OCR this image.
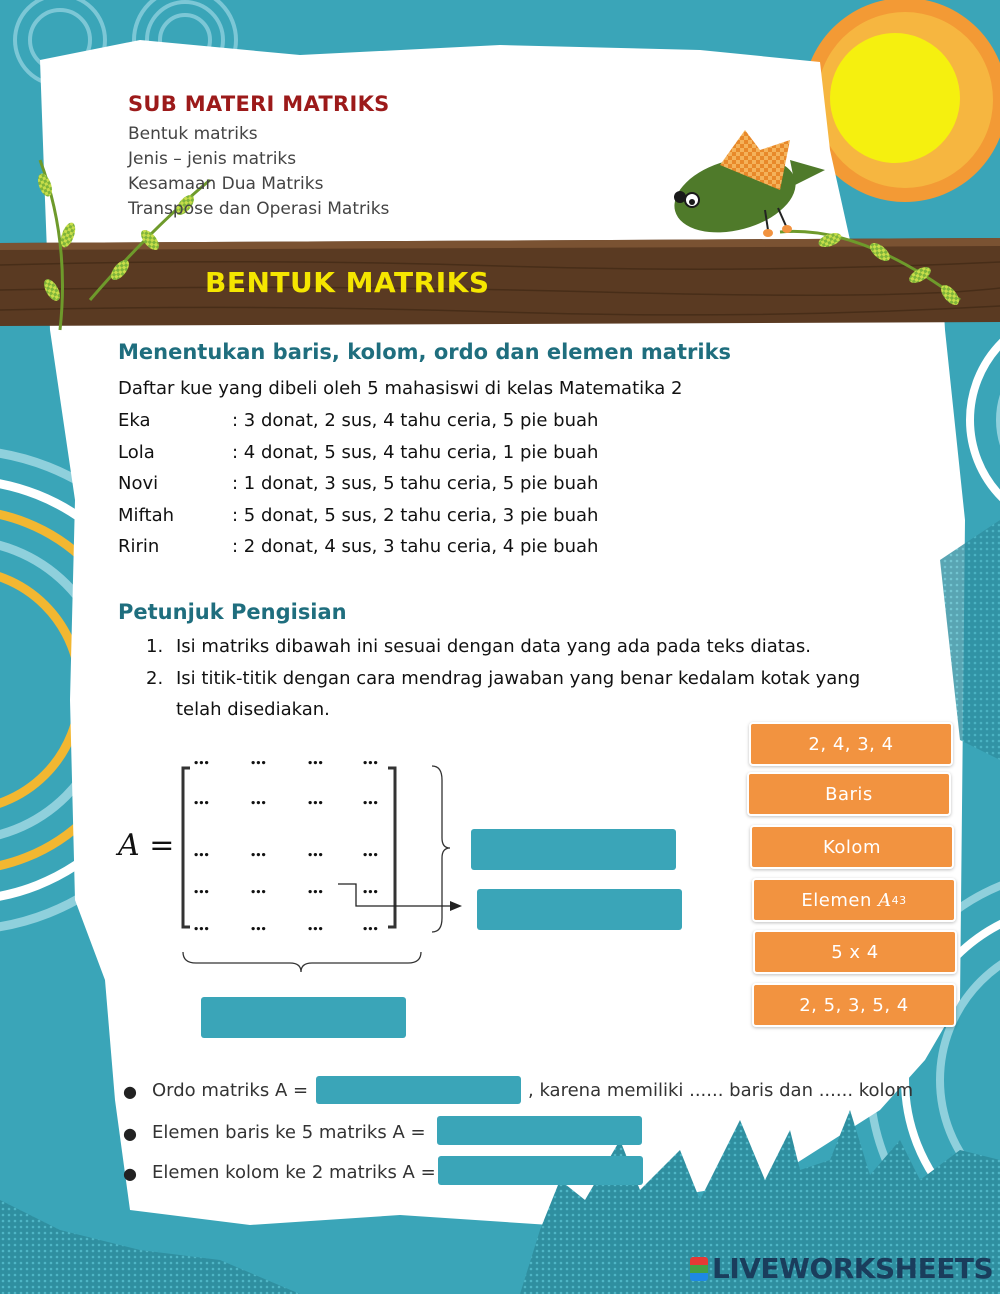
SUB MATERI MATRIKS
Bentuk matriks
Jenis – jenis matriks
Kesamaan Dua Matriks
Transpose dan Operasi Matriks
BENTUK MATRIKS
Menentukan baris, kolom, ordo dan elemen matriks
Daftar kue yang dibeli oleh 5 mahasiswi di kelas Matematika 2
Eka	: 3 donat, 2 sus, 4 tahu ceria, 5 pie buah
Lola	: 4 donat, 5 sus, 4 tahu ceria, 1 pie buah
Novi	: 1 donat, 3 sus, 5 tahu ceria, 5 pie buah
Miftah	: 5 donat, 5 sus, 2 tahu ceria, 3 pie buah
Ririn	: 2 donat, 4 sus, 3 tahu ceria, 4 pie buah
Petunjuk Pengisian
1. Isi matriks dibawah ini sesuai dengan data yang ada pada teks diatas.
2. Isi titik-titik dengan cara mendrag jawaban yang benar kedalam kotak yang
telah disediakan.
A =
... ... ... ...
... ... ... ...
... ... ... ...
... ... ... ...
... ... ... ...
2, 4, 3, 4
Baris
Kolom
Elemen
A 43
5 x 4
2, 5, 3, 5, 4
● Ordo matriks A =	, karena memiliki ...... baris dan ...... kolom
● Elemen baris ke 5 matriks A =
● Elemen kolom ke 2 matriks A =
LIVEWORKSHEETS
